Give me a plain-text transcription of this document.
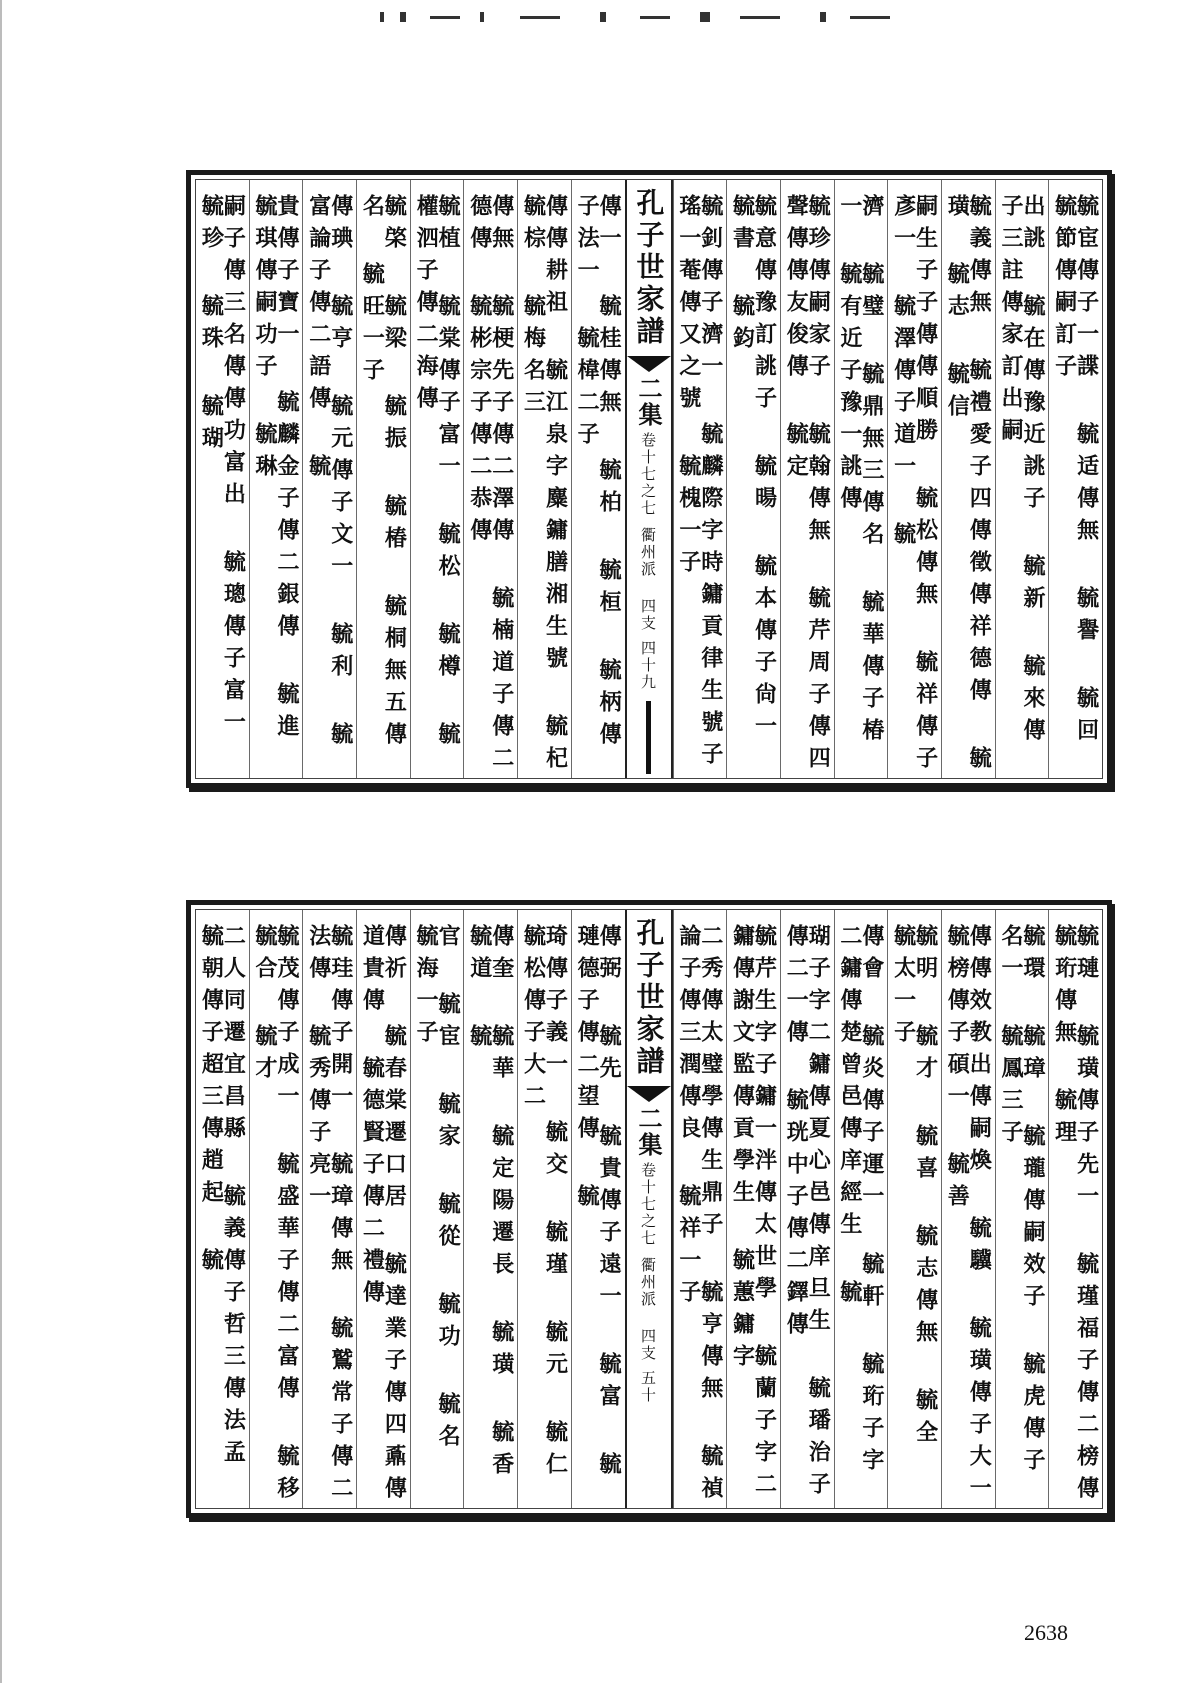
毓宦傳子一諜 毓适傳無 毓譽 毓回 毓節傳嗣訂子
出誂 毓在傳豫近誂子 毓新 毓來傳子三註傳家訂出嗣
毓義傳無 毓禮愛子四傳徵傳祥德傳 毓璜 毓志 毓信
嗣生子子傳傳順勝 毓松傳無 毓祥傳子彥一 毓澤傳子道一 毓
濟 毓璧 毓鼎無三傳名 毓華傳子椿一 毓有近子豫一誂傳
毓珍傳嗣家子 毓翰傳無 毓芹周子傳四聲傳傳友俊傳 毓定
毓意傳豫訂誂子 毓暘 毓本傳子尙一 毓書 毓鈞
毓釗傳子濟一 毓麟際字時鏞貢律生號子瑤一菴傳又之號 毓槐一子
孔子世家譜
二集
卷十七之七
衢州派 四支
四十九
傳一 毓桂傳無 毓柏 毓桓 毓柄傳子法一 毓椲二子
傳傳耕祖 毓江泉字麋鏞膳湘生號 毓杞 毓棕 毓梅名三
傳無 毓梗先子傳二澤傳 毓楠道子傳二德傳 毓彬宗子傳二恭傳
毓植 毓棠傳子富一 毓松 毓樽 毓權泗子傳二海傳
毓棨 毓梁 毓振 毓椿 毓桐無五傳名 毓旺一子
傳琠 毓亨 毓元傳子文一 毓利 毓富論子傳二語傳 毓
貴傳子寶一 毓麟金子傳二銀傳 毓進 毓琪傳嗣功子 毓琳
嗣子傳三名傳傳功富出 毓璁傳子富一 毓珍 毓珠 毓瑚
毓璉 毓璜傳子先一 毓瑾福子傳二榜傳 毓珩傳無 毓理
毓環 毓璋 毓瓏傳嗣效子 毓虎傳子名一 毓鳳三子
傳傳效教出傳嗣煥 毓驥 毓璜傳子大一 毓榜傳子碩一 毓善
毓明 毓才 毓喜 毓志傳無 毓全 毓太一子
傳會 毓炎傳子運一 毓軒 毓珩子字二鏞傳楚曾邑傳庠經生 毓
瑚子字二鏞傳夏心邑傳庠旦生 毓璠治子傳二一傳 毓珖中子傳二鐸傳
毓芹生字子鏞一泮傳太世學 毓蘭子字二鏞傳謝文監傳貢學生 毓蕙鏞字
二秀傳太璧學傳生鼎子 毓亨傳無 毓禎論子傳三潤傳良 毓祥一子
孔子世家譜
二集
卷十七之七
衢州派 四支
五十
傳弼 毓先 毓貴傳子遠一 毓富 毓璉德子傳二望傳 毓
琦傳子義一 毓交 毓瑾 毓元 毓仁 毓松傳子大二
傳奎 毓華 毓定陽遷長 毓璜 毓香 毓道 毓
官 毓宦 毓家 毓從 毓功 毓名 毓海一子
傳祈 毓春棠遷口居 毓達業子傳四鼒傳道貴傳 毓德賢子傳二禮傳
毓珪傳子開一 毓璋傳無 毓鷲常子傳二法傳 毓秀傳子亮一
毓茂傳子成一 毓盛華子傳二富傳 毓移 毓合 毓才
二人同遷宜昌縣 毓義傳子哲三傳法孟 毓朝傳子超三傳趙起 毓
2638
